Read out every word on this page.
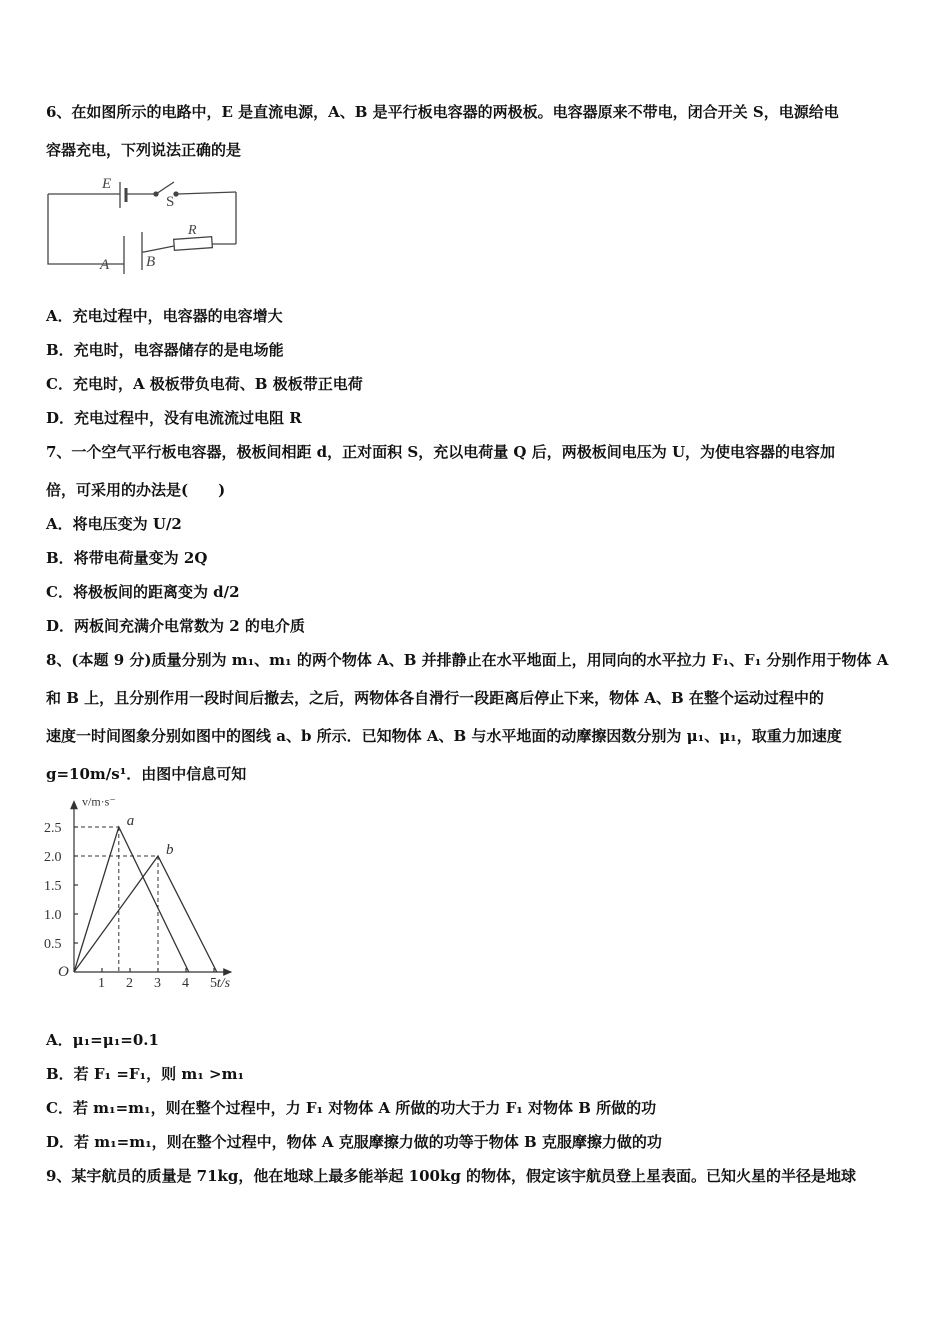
6、在如图所示的电路中，E 是直流电源，A、B 是平行板电容器的两极板。电容器原来不带电，闭合开关 S，电源给电
容器充电，下列说法正确的是
E
S
R
A B
A．充电过程中，电容器的电容增大
B．充电时，电容器储存的是电场能
C．充电时，A 极板带负电荷、B 极板带正电荷
D．充电过程中，没有电流流过电阻 R
7、一个空气平行板电容器，极板间相距 d，正对面积 S，充以电荷量 Q 后，两极板间电压为 U，为使电容器的电容加
倍，可采用的办法是(　　)
A．将电压变为 U/2
B．将带电荷量变为 2Q
C．将极板间的距离变为 d/2
D．两板间充满介电常数为 2 的电介质
8、(本题 9 分)质量分别为 m₁、m₁ 的两个物体 A、B 并排静止在水平地面上，用同向的水平拉力 F₁、F₁ 分别作用于物体 A
和 B 上，且分别作用一段时间后撤去，之后，两物体各自滑行一段距离后停止下来，物体 A、B 在整个运动过程中的
速度一时间图象分别如图中的图线 a、b 所示．已知物体 A、B 与水平地面的动摩擦因数分别为 μ₁、μ₁，取重力加速度
g=10m/s¹．由图中信息可知
1 2 3 4 5
0.5
1.0
1.5
2.0
2.5	a
b
v/m·s⁻
t/s
O
A．μ₁=μ₁=0.1
B．若 F₁ =F₁，则 m₁ >m₁
C．若 m₁=m₁，则在整个过程中，力 F₁ 对物体 A 所做的功大于力 F₁ 对物体 B 所做的功
D．若 m₁=m₁，则在整个过程中，物体 A 克服摩擦力做的功等于物体 B 克服摩擦力做的功
9、某宇航员的质量是 71kg，他在地球上最多能举起 100kg 的物体，假定该宇航员登上星表面。已知火星的半径是地球
